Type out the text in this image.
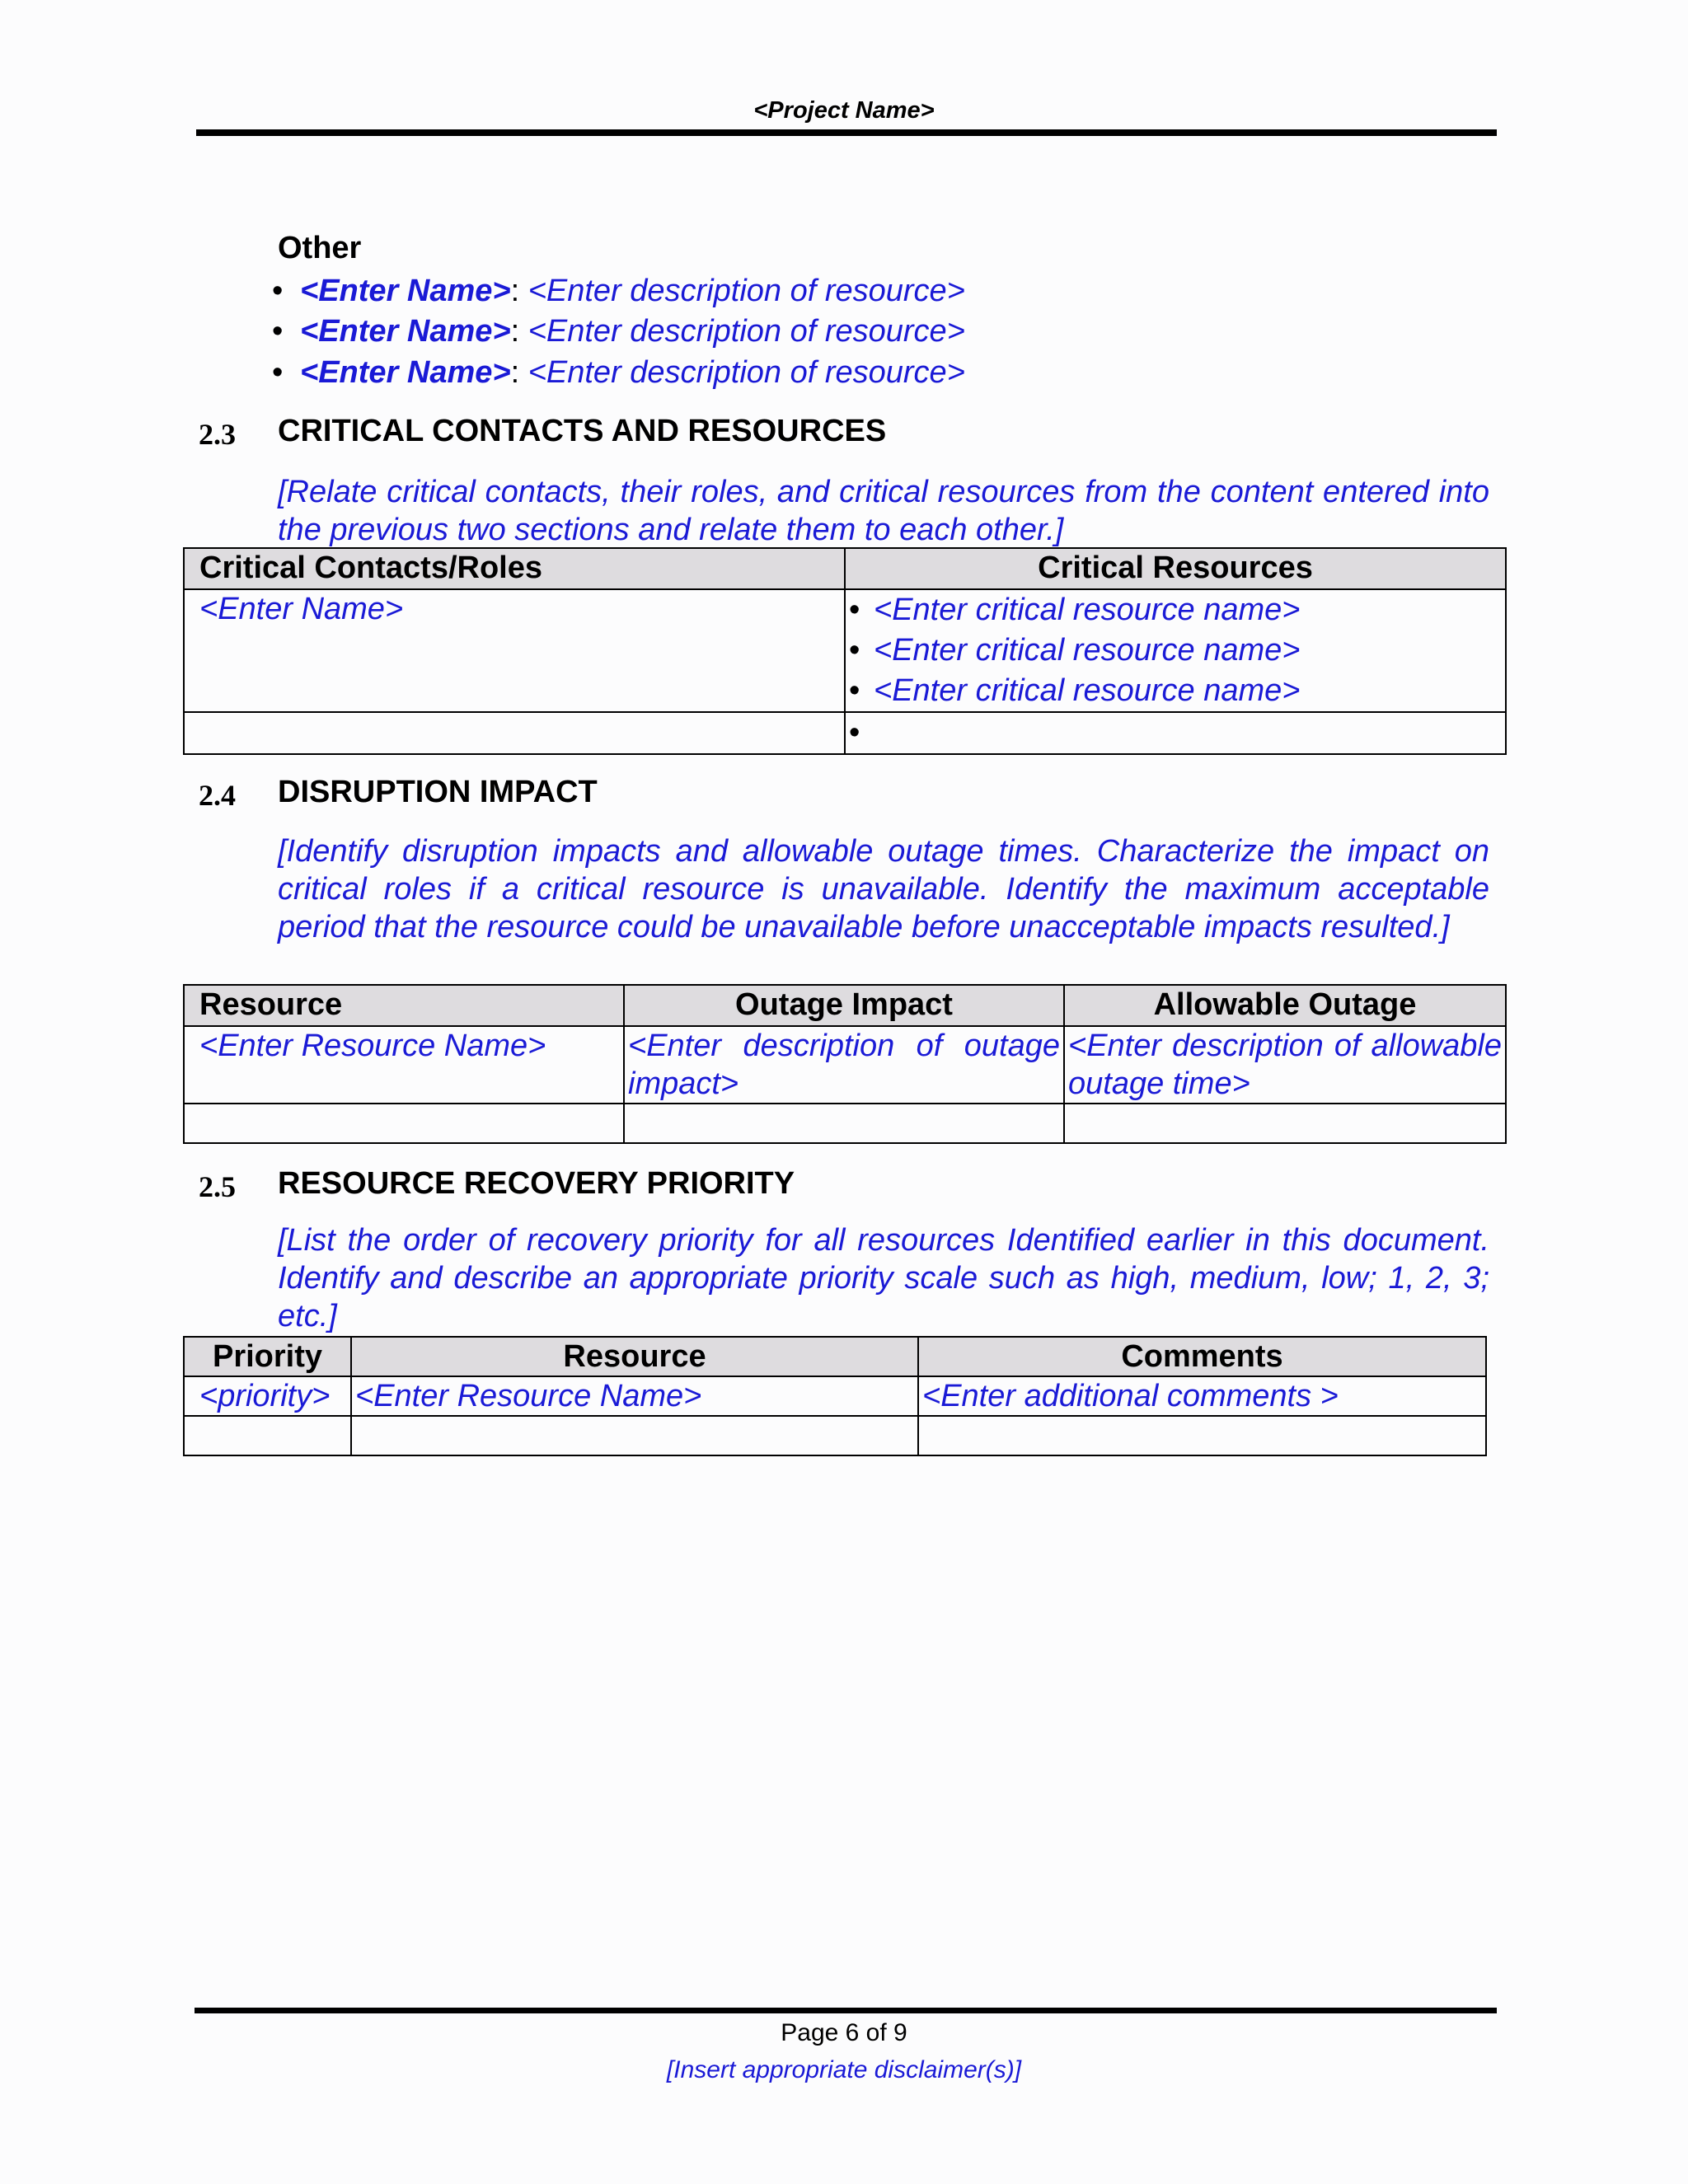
<Project Name>
Other
• <Enter Name>: <Enter description of resource>
• <Enter Name>: <Enter description of resource>
• <Enter Name>: <Enter description of resource>
2.3 CRITICAL CONTACTS AND RESOURCES
[Relate critical contacts, their roles, and critical resources from the content entered into the previous two sections and relate them to each other.]
Critical Contacts/Roles	Critical Resources
<Enter Name>	• <Enter critical resource name>
• <Enter critical resource name>
• <Enter critical resource name>

	•
2.4 DISRUPTION IMPACT
[Identify disruption impacts and allowable outage times. Characterize the impact on critical roles if a critical resource is unavailable. Identify the maximum acceptable period that the resource could be unavailable before unacceptable impacts resulted.]
Resource	Outage Impact	Allowable Outage
<Enter Resource Name>	<Enter description of outage impact>	<Enter description of allowable outage time>

2.5 RESOURCE RECOVERY PRIORITY
[List the order of recovery priority for all resources Identified earlier in this document. Identify and describe an appropriate priority scale such as high, medium, low; 1, 2, 3; etc.]
Priority	Resource	Comments
<priority>	<Enter Resource Name>	<Enter additional comments >

Page 6 of 9
[Insert appropriate disclaimer(s)]
